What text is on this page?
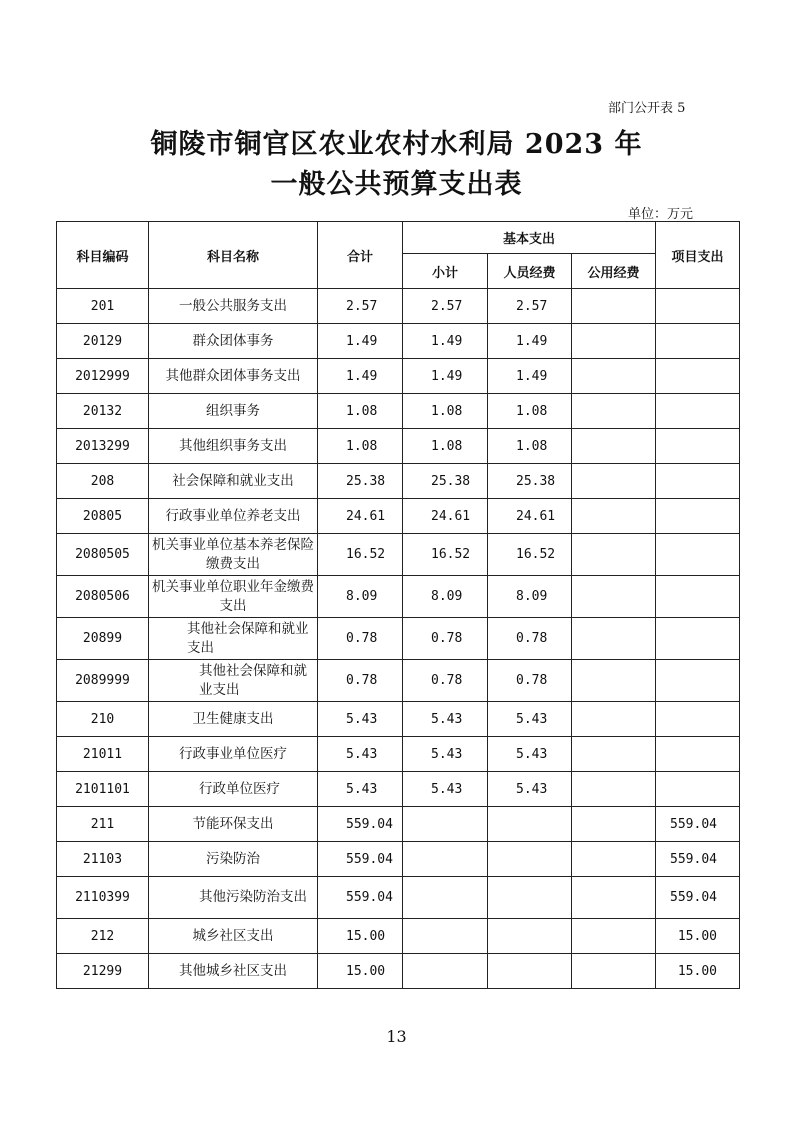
部门公开表 5
铜陵市铜官区农业农村水利局 2023 年
一般公共预算支出表
单位：万元
科目编码	科目名称	合计	基本支出			项目支出
			小计	人员经费	公用经费	
201	一般公共服务支出	2.57	2.57	2.57		
20129	群众团体事务	1.49	1.49	1.49		
2012999	其他群众团体事务支出	1.49	1.49	1.49		
20132	组织事务	1.08	1.08	1.08		
2013299	其他组织事务支出	1.08	1.08	1.08		
208	社会保障和就业支出	25.38	25.38	25.38		
20805	行政事业单位养老支出	24.61	24.61	24.61		
2080505	机关事业单位基本养老保险缴费支出	16.52	16.52	16.52		
2080506	机关事业单位职业年金缴费支出	8.09	8.09	8.09		
20899	其他社会保障和就业支出	0.78	0.78	0.78		
2089999	其他社会保障和就业支出	0.78	0.78	0.78		
210	卫生健康支出	5.43	5.43	5.43		
21011	行政事业单位医疗	5.43	5.43	5.43		
2101101	行政单位医疗	5.43	5.43	5.43		
211	节能环保支出	559.04				559.04
21103	污染防治	559.04				559.04
2110399	其他污染防治支出	559.04				559.04
212	城乡社区支出	15.00				15.00
21299	其他城乡社区支出	15.00				15.00
13
